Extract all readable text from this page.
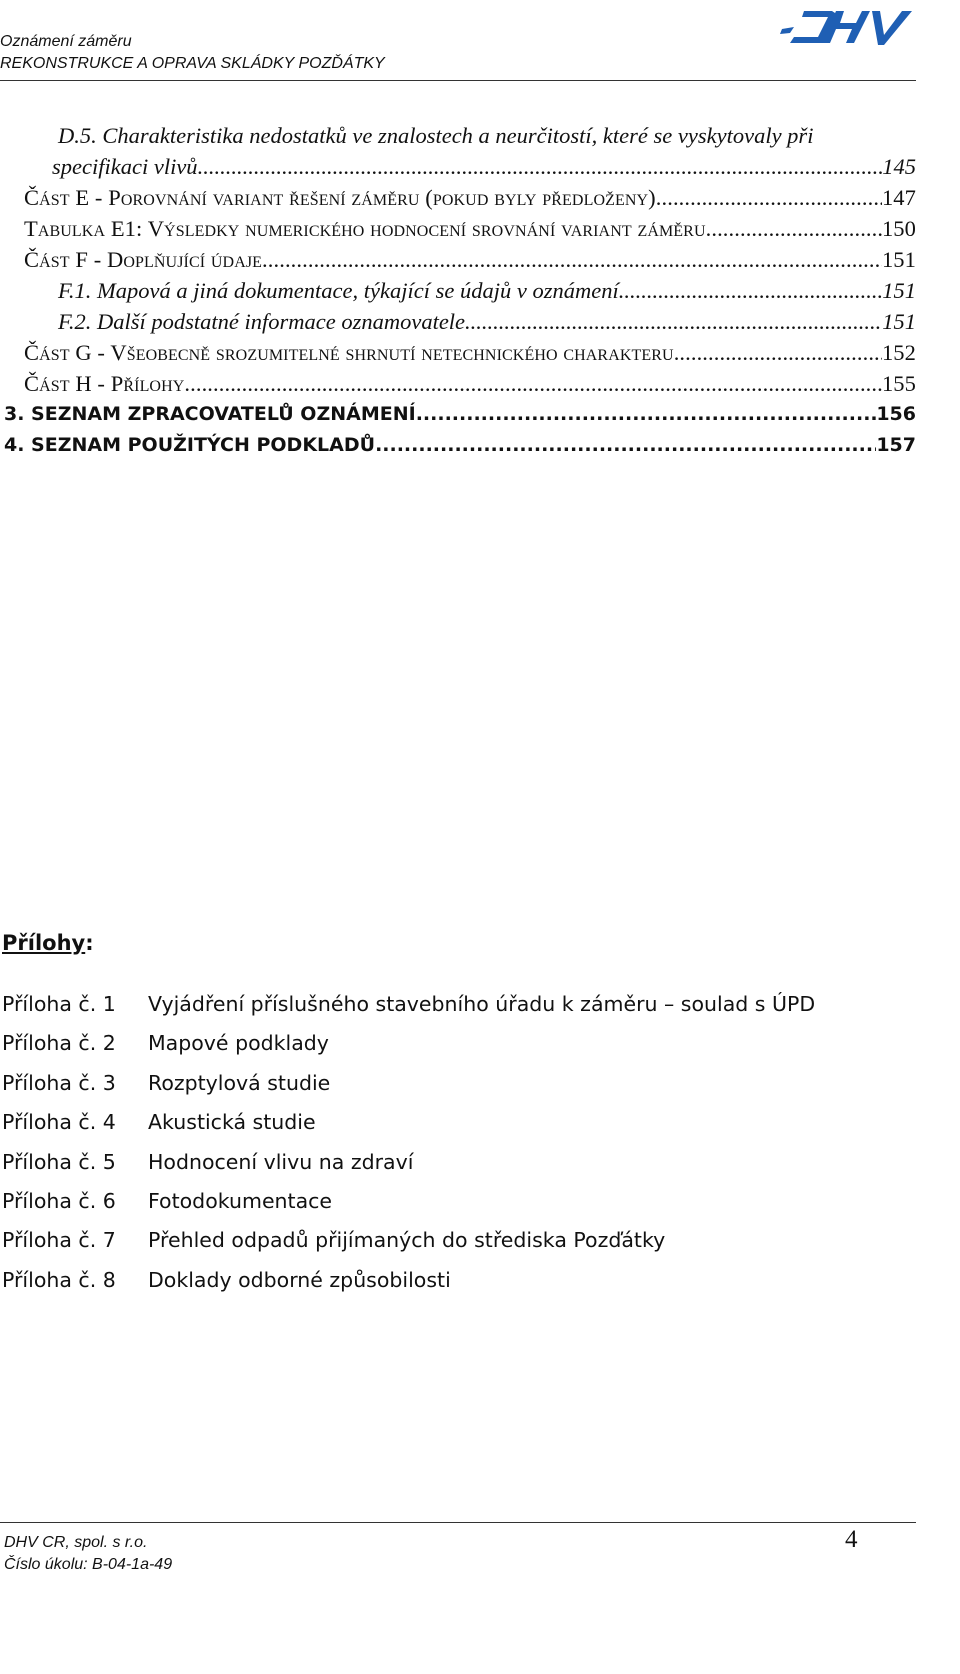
Oznámení záměru
REKONSTRUKCE A OPRAVA SKLÁDKY POZĎÁTKY
D.5. Charakteristika nedostatků ve znalostech a neurčitostí, které se vyskytovaly při
specifikaci vlivů .....	145
Část E - Porovnání variant řešení záměru (pokud byly předloženy) .....	147
Tabulka E1: Výsledky numerického hodnocení srovnání variant záměru .....	150
Část F - Doplňující údaje .....	151
F.1. Mapová a jiná dokumentace, týkající se údajů v oznámení .....	151
F.2. Další podstatné informace oznamovatele .....	151
Část G - Všeobecně srozumitelné shrnutí netechnického charakteru .....	152
Část H - Přílohy .....	155
3. SEZNAM ZPRACOVATELŮ OZNÁMENÍ .....	156
4. SEZNAM POUŽITÝCH PODKLADŮ .....	157
Přílohy:
Příloha č. 1	Vyjádření příslušného stavebního úřadu k záměru – soulad s ÚPD
Příloha č. 2	Mapové podklady
Příloha č. 3	Rozptylová studie
Příloha č. 4	Akustická studie
Příloha č. 5	Hodnocení vlivu na zdraví
Příloha č. 6	Fotodokumentace
Příloha č. 7	Přehled odpadů přijímaných do střediska Pozďátky
Příloha č. 8	Doklady odborné způsobilosti
DHV CR, spol. s r.o.
Číslo úkolu: B-04-1a-49
4
